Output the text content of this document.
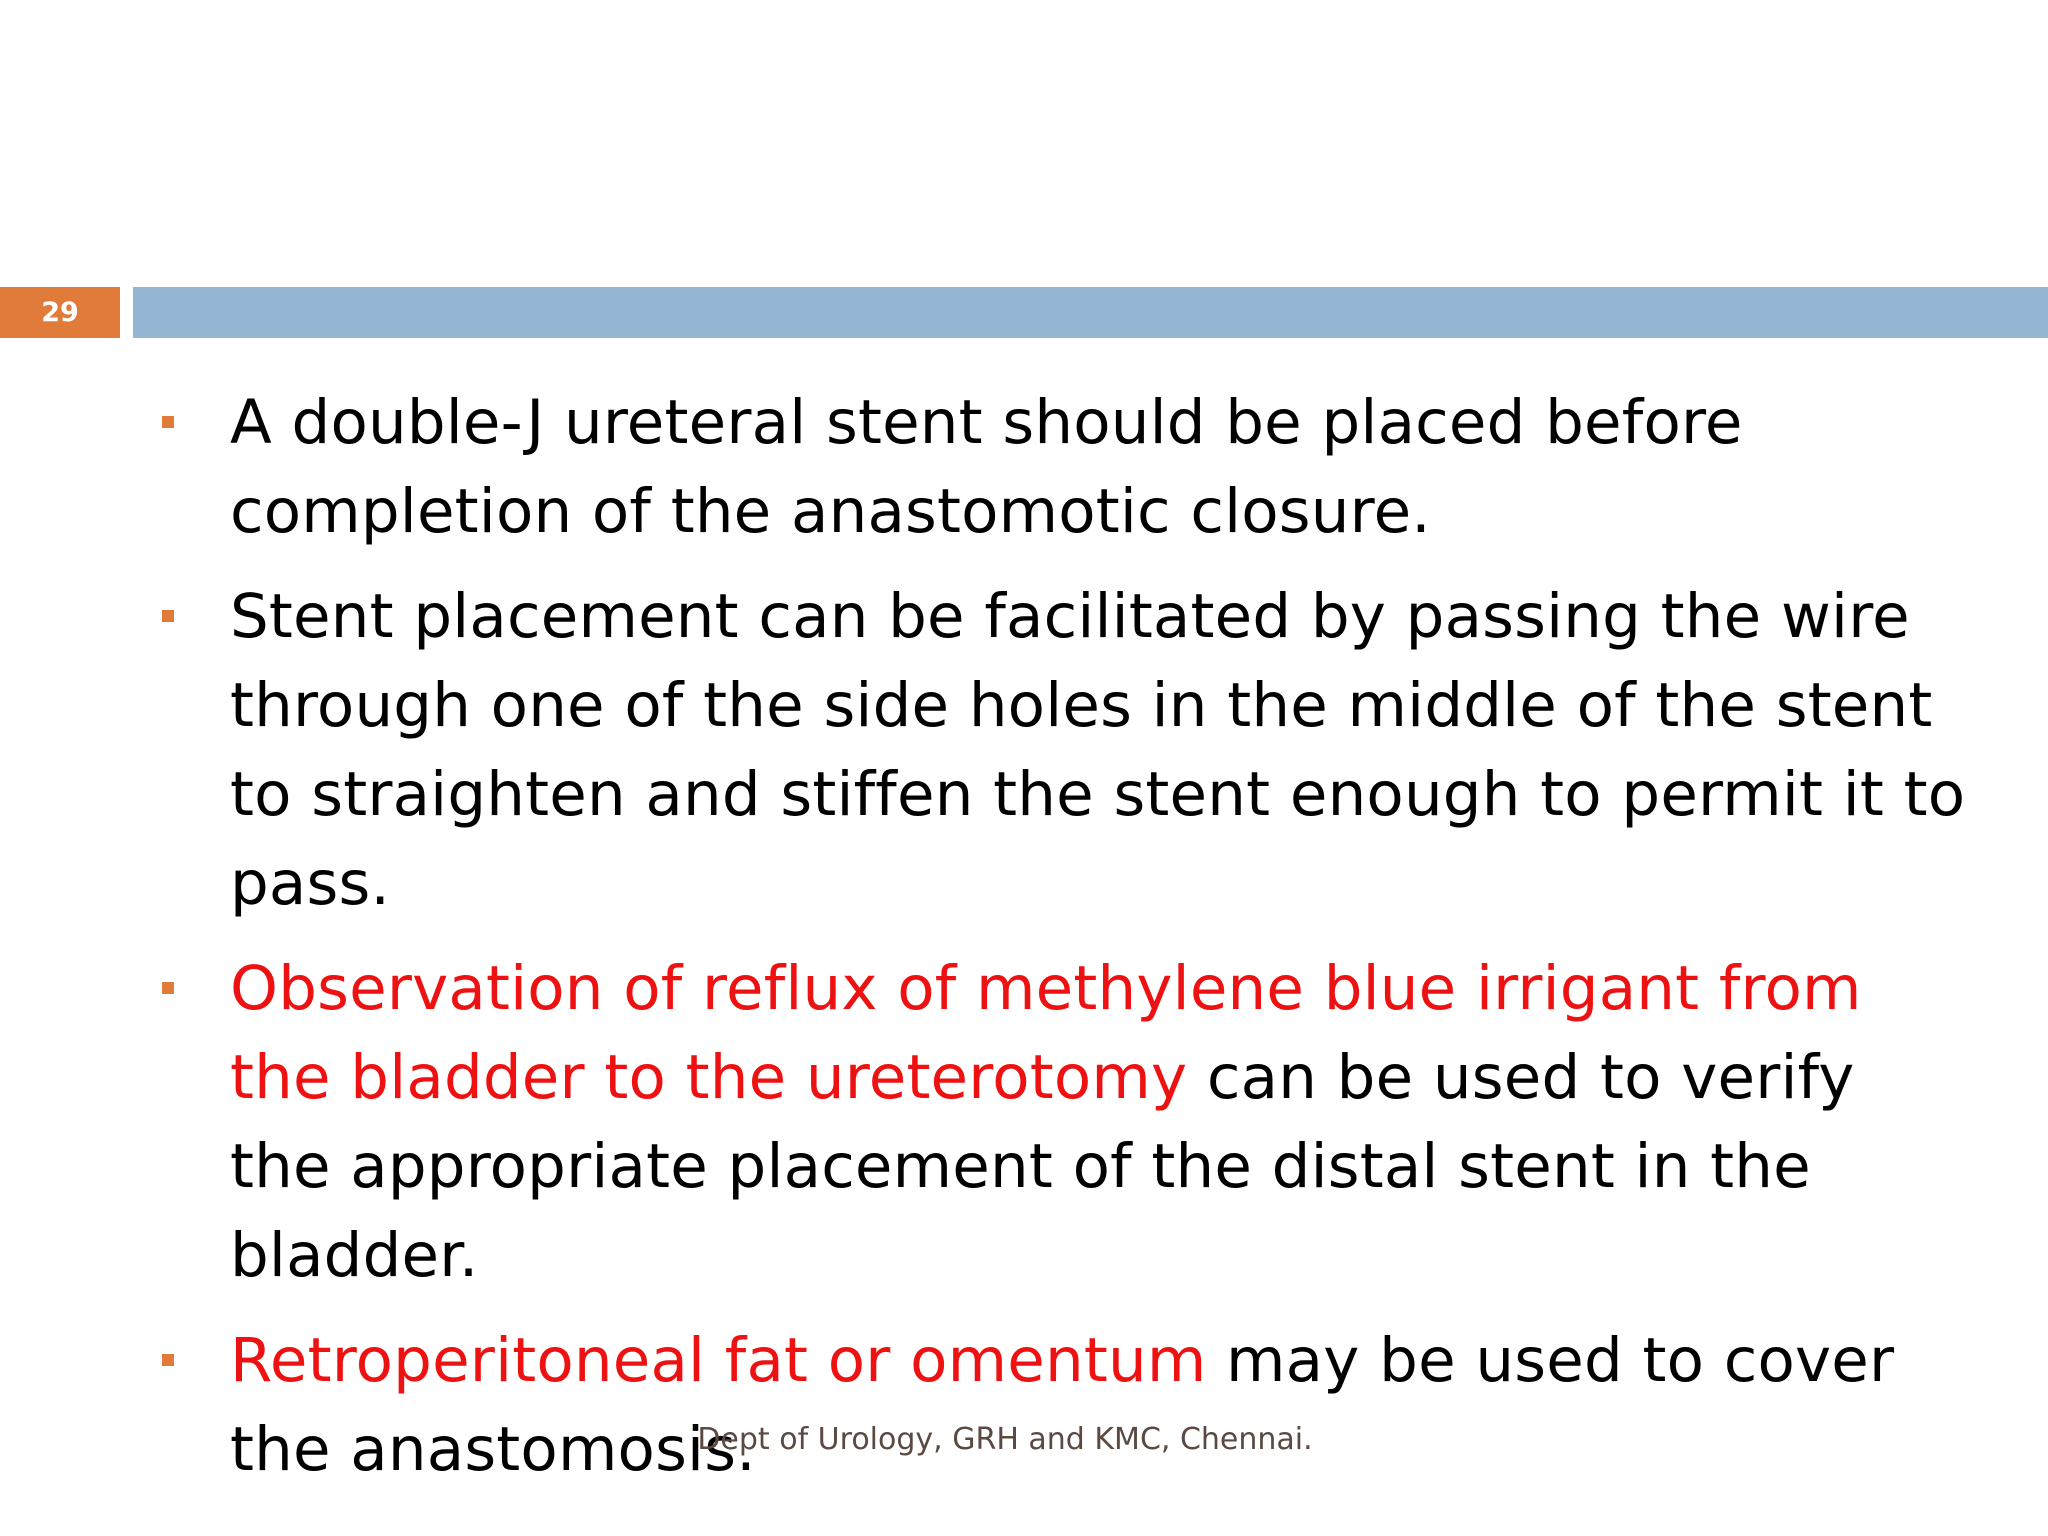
29
A double-J ureteral stent should be placed before completion of the anastomotic closure.
Stent placement can be facilitated by passing the wire through one of the side holes in the middle of the stent to straighten and stiffen the stent enough to permit it to pass.
Observation of reflux of methylene blue irrigant from the bladder to the ureterotomy can be used to verify the appropriate placement of the distal stent in the bladder.
Retroperitoneal fat or omentum may be used to cover the anastomosis.
Dept of Urology, GRH and KMC, Chennai.
